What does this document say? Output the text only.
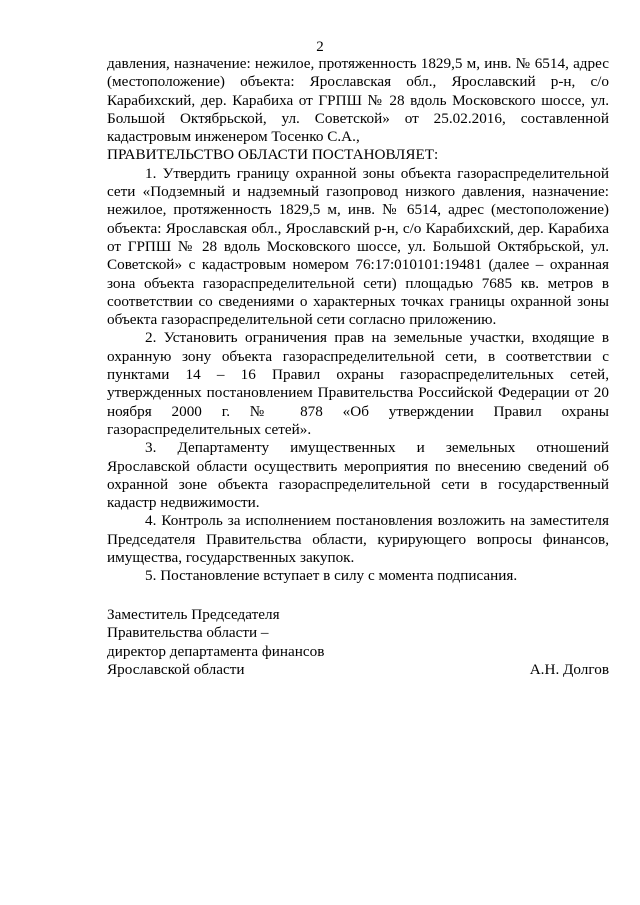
2

давления, назначение: нежилое, протяженность 1829,5 м, инв. № 6514, адрес (местоположение) объекта: Ярославская обл., Ярославский р-н, с/о Карабихский, дер. Карабиха от ГРПШ № 28 вдоль Московского шоссе, ул. Большой Октябрьской, ул. Советской» от 25.02.2016, составленной кадастровым инженером Тосенко С.А.,

ПРАВИТЕЛЬСТВО ОБЛАСТИ ПОСТАНОВЛЯЕТ:

1. Утвердить границу охранной зоны объекта газораспределительной сети «Подземный и надземный газопровод низкого давления, назначение: нежилое, протяженность 1829,5 м, инв. № 6514, адрес (местоположение) объекта: Ярославская обл., Ярославский р-н, с/о Карабихский, дер. Карабиха от ГРПШ № 28 вдоль Московского шоссе, ул. Большой Октябрьской, ул. Советской» с кадастровым номером 76:17:010101:19481 (далее – охранная зона объекта газораспределительной сети) площадью 7685 кв. метров в соответствии со сведениями о характерных точках границы охранной зоны объекта газораспределительной сети согласно приложению.

2. Установить ограничения прав на земельные участки, входящие в охранную зону объекта газораспределительной сети, в соответствии с пунктами 14 – 16 Правил охраны газораспределительных сетей, утвержденных постановлением Правительства Российской Федерации от 20 ноября 2000 г. № 878 «Об утверждении Правил охраны газораспределительных сетей».

3. Департаменту имущественных и земельных отношений Ярославской области осуществить мероприятия по внесению сведений об охранной зоне объекта газораспределительной сети в государственный кадастр недвижимости.

4. Контроль за исполнением постановления возложить на заместителя Председателя Правительства области, курирующего вопросы финансов, имущества, государственных закупок.

5. Постановление вступает в силу с момента подписания.

Заместитель Председателя

Правительства области –

директор департамента финансов

Ярославской области	А.Н. Долгов
